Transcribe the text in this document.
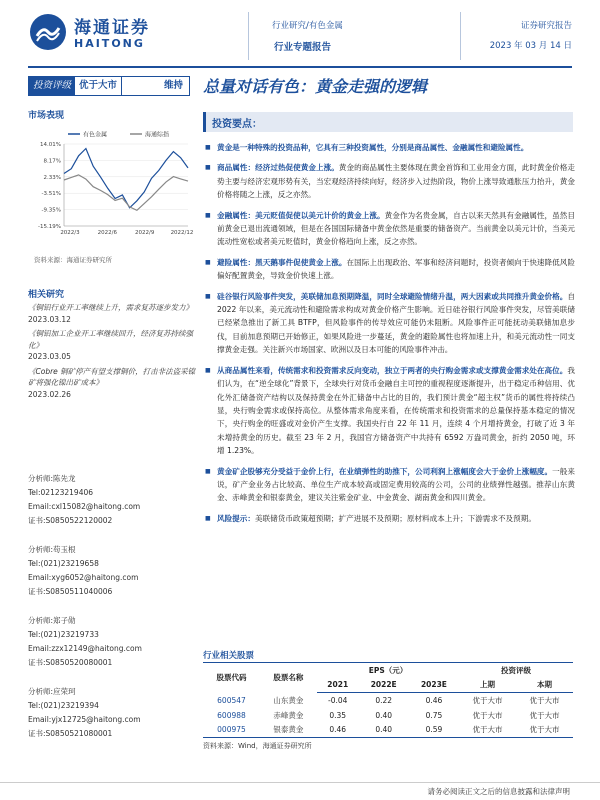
海通证券
HAITONG
行业研究/有色金属
行业专题报告
证券研究报告
2023 年 03 月 14 日
投资评级 优于大市	维持	总量对话有色：黄金走强的逻辑
市场表现
有色金属	海通综指
14.01%
8.17%
2.33%
-3.51%
-9.35%
-15.19%
2022/3	2022/6	2022/9	2022/12
资料来源：海通证券研究所
相关研究
《铜铝行业开工率继续上升，需求复苏逐步发力》
2023.03.12
《铜铝加工企业开工率继续回升，经济复苏持续强化》
2023.03.05
《Cobre 铜矿停产有望支撑铜价，打击非法盗采镍矿将强化镍出矿成本》
2023.02.26
分析师:陈先龙
Tel:02123219406
Email:cxl15082@haitong.com
证书:S0850522120002
分析师:苟玉根
Tel:(021)23219658
Email:xyg6052@haitong.com
证书:S0850511040006
分析师:郑子勋
Tel:(021)23219733
Email:zzx12149@haitong.com
证书:S0850520080001
分析师:应荣珂
Tel:(021)23219394
Email:yjx12725@haitong.com
证书:S0850521080001
投资要点：
■ 黄金是一种特殊的投资品种，它具有三种投资属性，分别是商品属性、金融属性和避险属性。
■ 商品属性：经济过热促使黄金上涨。黄金的商品属性主要体现在黄金首饰和工业用金方面，此时黄金价格走势主要与经济宏观形势有关，当宏观经济持续向好，经济步入过热阶段，物价上涨导致通胀压力抬升，黄金价格将随之上涨，反之亦然。
■ 金融属性：美元贬值促使以美元计价的黄金上涨。黄金作为名贵金属，自古以来天然具有金融属性，虽然目前黄金已退出流通领域，但是在各国国际储备中黄金依然是重要的储备资产。当前黄金以美元计价，当美元流动性宽松或者美元贬值时，黄金价格趋向上涨，反之亦然。
■ 避险属性：黑天鹅事件促使黄金上涨。在国际上出现政治、军事和经济问题时，投资者倾向于快速降低风险偏好配置黄金，导致金价快速上涨。
■ 硅谷银行风险事件突发，美联储加息预期降温，同时全球避险情绪升温，两大因素或共同推升黄金价格。自 2022 年以来，美元流动性和避险需求构成对黄金价格产生影响。近日硅谷银行风险事件突发，尽管美联储已经紧急推出了新工具 BTFP，但风险事件的传导效应可能仍未阻断。风险事件正可能抚动美联储加息步伐，目前加息预期已开始修正，如果风险进一步蔓延，黄金的避险属性也将加速上升，和美元流动性一同支撑黄金走强。关注新兴市场国家、欧洲以及日本可能的风险事件冲击。
■ 从商品属性来看，传统需求和投资需求反向变动，独立于两者的央行购金需求或支撑黄金需求处在高位。我们认为，在“逆全球化”背景下，全球央行对货币金融自主可控的重视程度逐渐提升，出于稳定币种信用、优化外汇储备资产结构以及保持黄金在外汇储备中占比的目的，我们预计黄金“超主权”货币的属性将持续凸显，央行购金需求或保持高位。从整体需求角度来看，在传统需求和投资需求的总量保持基本稳定的情况下，央行购金的旺盛或对金价产生支撑。我国央行自 22 年 11 月，连续 4 个月增持黄金，打破了近 3 年未增持黄金的历史。截至 23 年 2 月，我国官方储备资产中共持有 6592 万盎司黄金，折约 2050 吨，环增 1.23%。
■ 黄金矿企股够充分受益于金价上行，在业绩弹性的助推下，公司利润上涨幅度会大于金价上涨幅度。一般来说，矿产金业务占比较高、单位生产成本较高或固定费用较高的公司，公司的业绩弹性越强。推荐山东黄金、赤峰黄金和银泰黄金，建议关注紫金矿业、中金黄金、湖南黄金和四川黄金。
■ 风险提示：美联储货币政策超预期；扩产进展不及预期；原材料成本上升；下游需求不及预期。
行业相关股票
股票代码	股票名称	EPS（元）			投资评级	
		2021	2022E	2023E	上期	本期
600547	山东黄金	-0.04	0.22	0.46	优于大市	优于大市
600988	赤峰黄金	0.35	0.40	0.75	优于大市	优于大市
000975	银泰黄金	0.46	0.40	0.59	优于大市	优于大市
资料来源：Wind，海通证券研究所
请务必阅读正文之后的信息披露和法律声明
